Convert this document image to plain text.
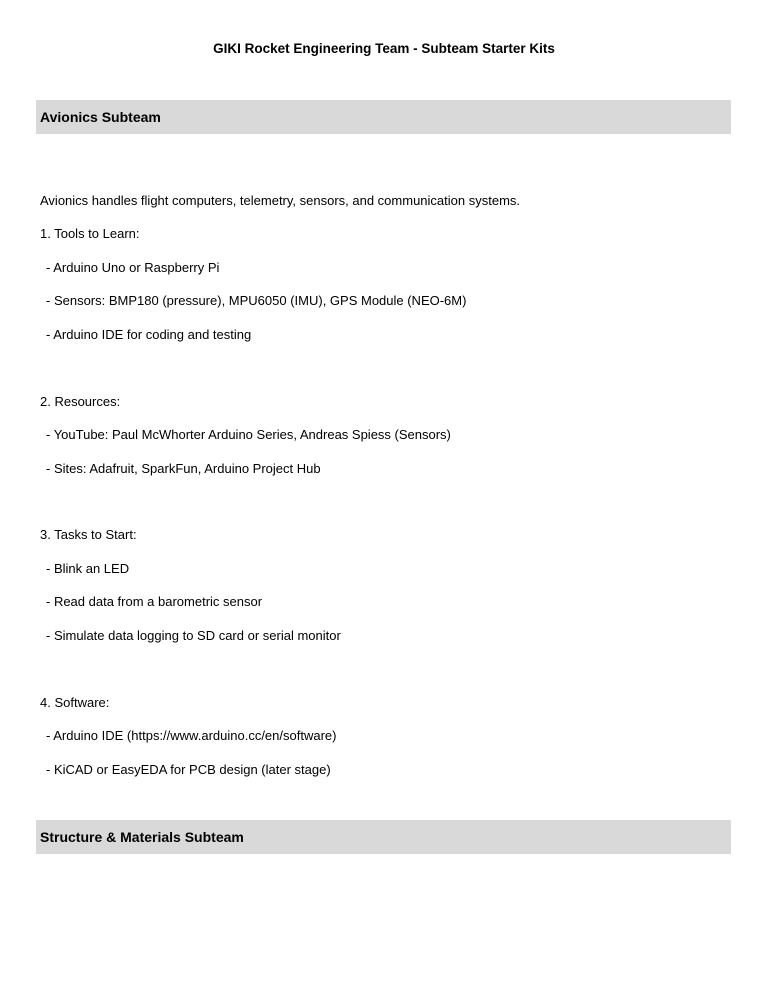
GIKI Rocket Engineering Team - Subteam Starter Kits
Avionics Subteam
Avionics handles flight computers, telemetry, sensors, and communication systems.
1. Tools to Learn:
- Arduino Uno or Raspberry Pi
- Sensors: BMP180 (pressure), MPU6050 (IMU), GPS Module (NEO-6M)
- Arduino IDE for coding and testing
2. Resources:
- YouTube: Paul McWhorter Arduino Series, Andreas Spiess (Sensors)
- Sites: Adafruit, SparkFun, Arduino Project Hub
3. Tasks to Start:
- Blink an LED
- Read data from a barometric sensor
- Simulate data logging to SD card or serial monitor
4. Software:
- Arduino IDE (https://www.arduino.cc/en/software)
- KiCAD or EasyEDA for PCB design (later stage)
Structure & Materials Subteam
